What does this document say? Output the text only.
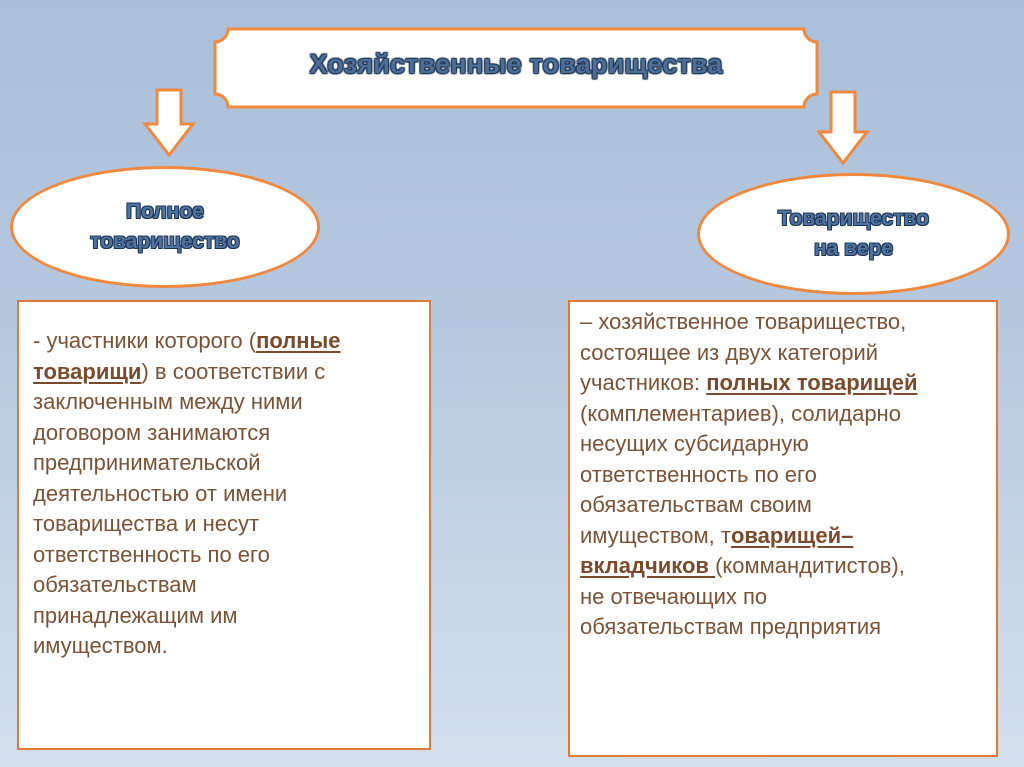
Хозяйственные товарищества
Полное
товарищество
Товарищество
на вере
- участники которого (полные
товарищи) в соответствии с
заключенным между ними
договором занимаются
предпринимательской
деятельностью от имени
товарищества и несут
ответственность по его
обязательствам
принадлежащим им
имуществом.
– хозяйственное товарищество,
состоящее из двух категорий
участников: полных товарищей
(комплементариев), солидарно
несущих субсидарную
ответственность по его
обязательствам своим
имуществом, товарищей–
вкладчиков (коммандитистов),
не отвечающих по
обязательствам предприятия
